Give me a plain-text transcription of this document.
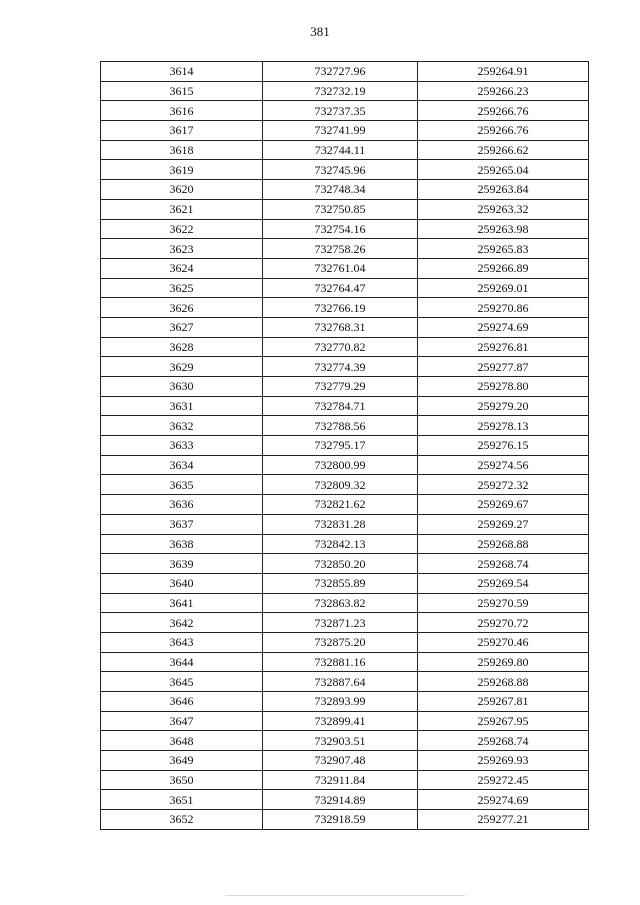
381
3614	732727.96	259264.91
3615	732732.19	259266.23
3616	732737.35	259266.76
3617	732741.99	259266.76
3618	732744.11	259266.62
3619	732745.96	259265.04
3620	732748.34	259263.84
3621	732750.85	259263.32
3622	732754.16	259263.98
3623	732758.26	259265.83
3624	732761.04	259266.89
3625	732764.47	259269.01
3626	732766.19	259270.86
3627	732768.31	259274.69
3628	732770.82	259276.81
3629	732774.39	259277.87
3630	732779.29	259278.80
3631	732784.71	259279.20
3632	732788.56	259278.13
3633	732795.17	259276.15
3634	732800.99	259274.56
3635	732809.32	259272.32
3636	732821.62	259269.67
3637	732831.28	259269.27
3638	732842.13	259268.88
3639	732850.20	259268.74
3640	732855.89	259269.54
3641	732863.82	259270.59
3642	732871.23	259270.72
3643	732875.20	259270.46
3644	732881.16	259269.80
3645	732887.64	259268.88
3646	732893.99	259267.81
3647	732899.41	259267.95
3648	732903.51	259268.74
3649	732907.48	259269.93
3650	732911.84	259272.45
3651	732914.89	259274.69
3652	732918.59	259277.21
